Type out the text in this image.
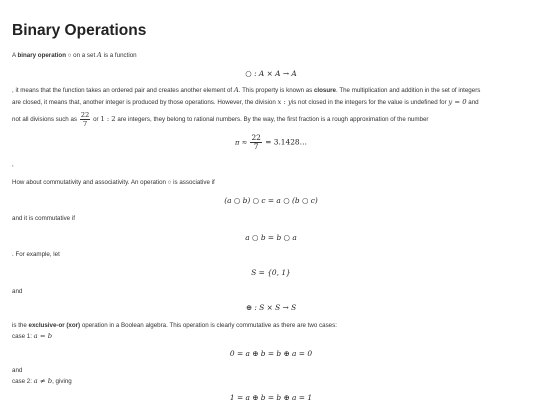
Binary Operations
A binary operation ○ on a set A is a function
○ : A × A → A
, it means that the function takes an ordered pair and creates another element of A. This property is known as closure. The multiplication and addition in the set of integers
are closed, it means that, another integer is produced by those operations. However, the division x : yis not closed in the integers for the value is undefined for y = 0 and
not all divisions such as $\frac{22}{7}$ or 1 : 2 are integers, they belong to rational numbers. By the way, the first fraction is a rough approximation of the number
$\pi \approx \frac{22}{7}$ = 3.1428…
,
How about commutativity and associativity. An operation ○ is associative if
(a ○ b) ○ c = a ○ (b ○ c)
and it is commutative if
a ○ b = b ○ a
. For example, let
S = {0, 1}
and
⊕ : S × S → S
is the exclusive-or (xor) operation in a Boolean algebra. This operation is clearly commutative as there are two cases:
case 1: a = b
0 = a ⊕ b = b ⊕ a = 0
and
case 2: a ≠ b, giving
1 = a ⊕ b = b ⊕ a = 1
